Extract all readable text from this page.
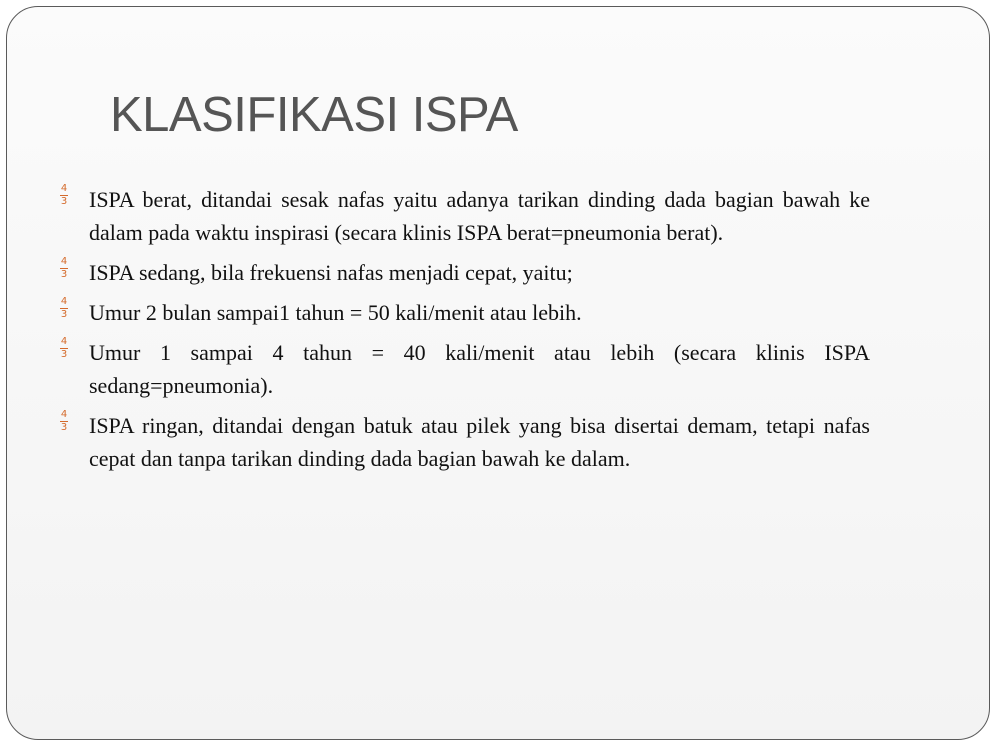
KLASIFIKASI ISPA
$\frac{4}{3}$ ISPA berat, ditandai sesak nafas yaitu adanya tarikan dinding dada bagian bawah ke dalam pada waktu inspirasi (secara klinis ISPA berat=pneumonia berat).
$\frac{4}{3}$ ISPA sedang, bila frekuensi nafas menjadi cepat, yaitu;
$\frac{4}{3}$ Umur 2 bulan sampai1 tahun = 50 kali/menit atau lebih.
$\frac{4}{3}$ Umur 1 sampai 4 tahun = 40 kali/menit atau lebih (secara klinis ISPA sedang=pneumonia).
$\frac{4}{3}$ ISPA ringan, ditandai dengan batuk atau pilek yang bisa disertai demam, tetapi nafas cepat dan tanpa tarikan dinding dada bagian bawah ke dalam.
